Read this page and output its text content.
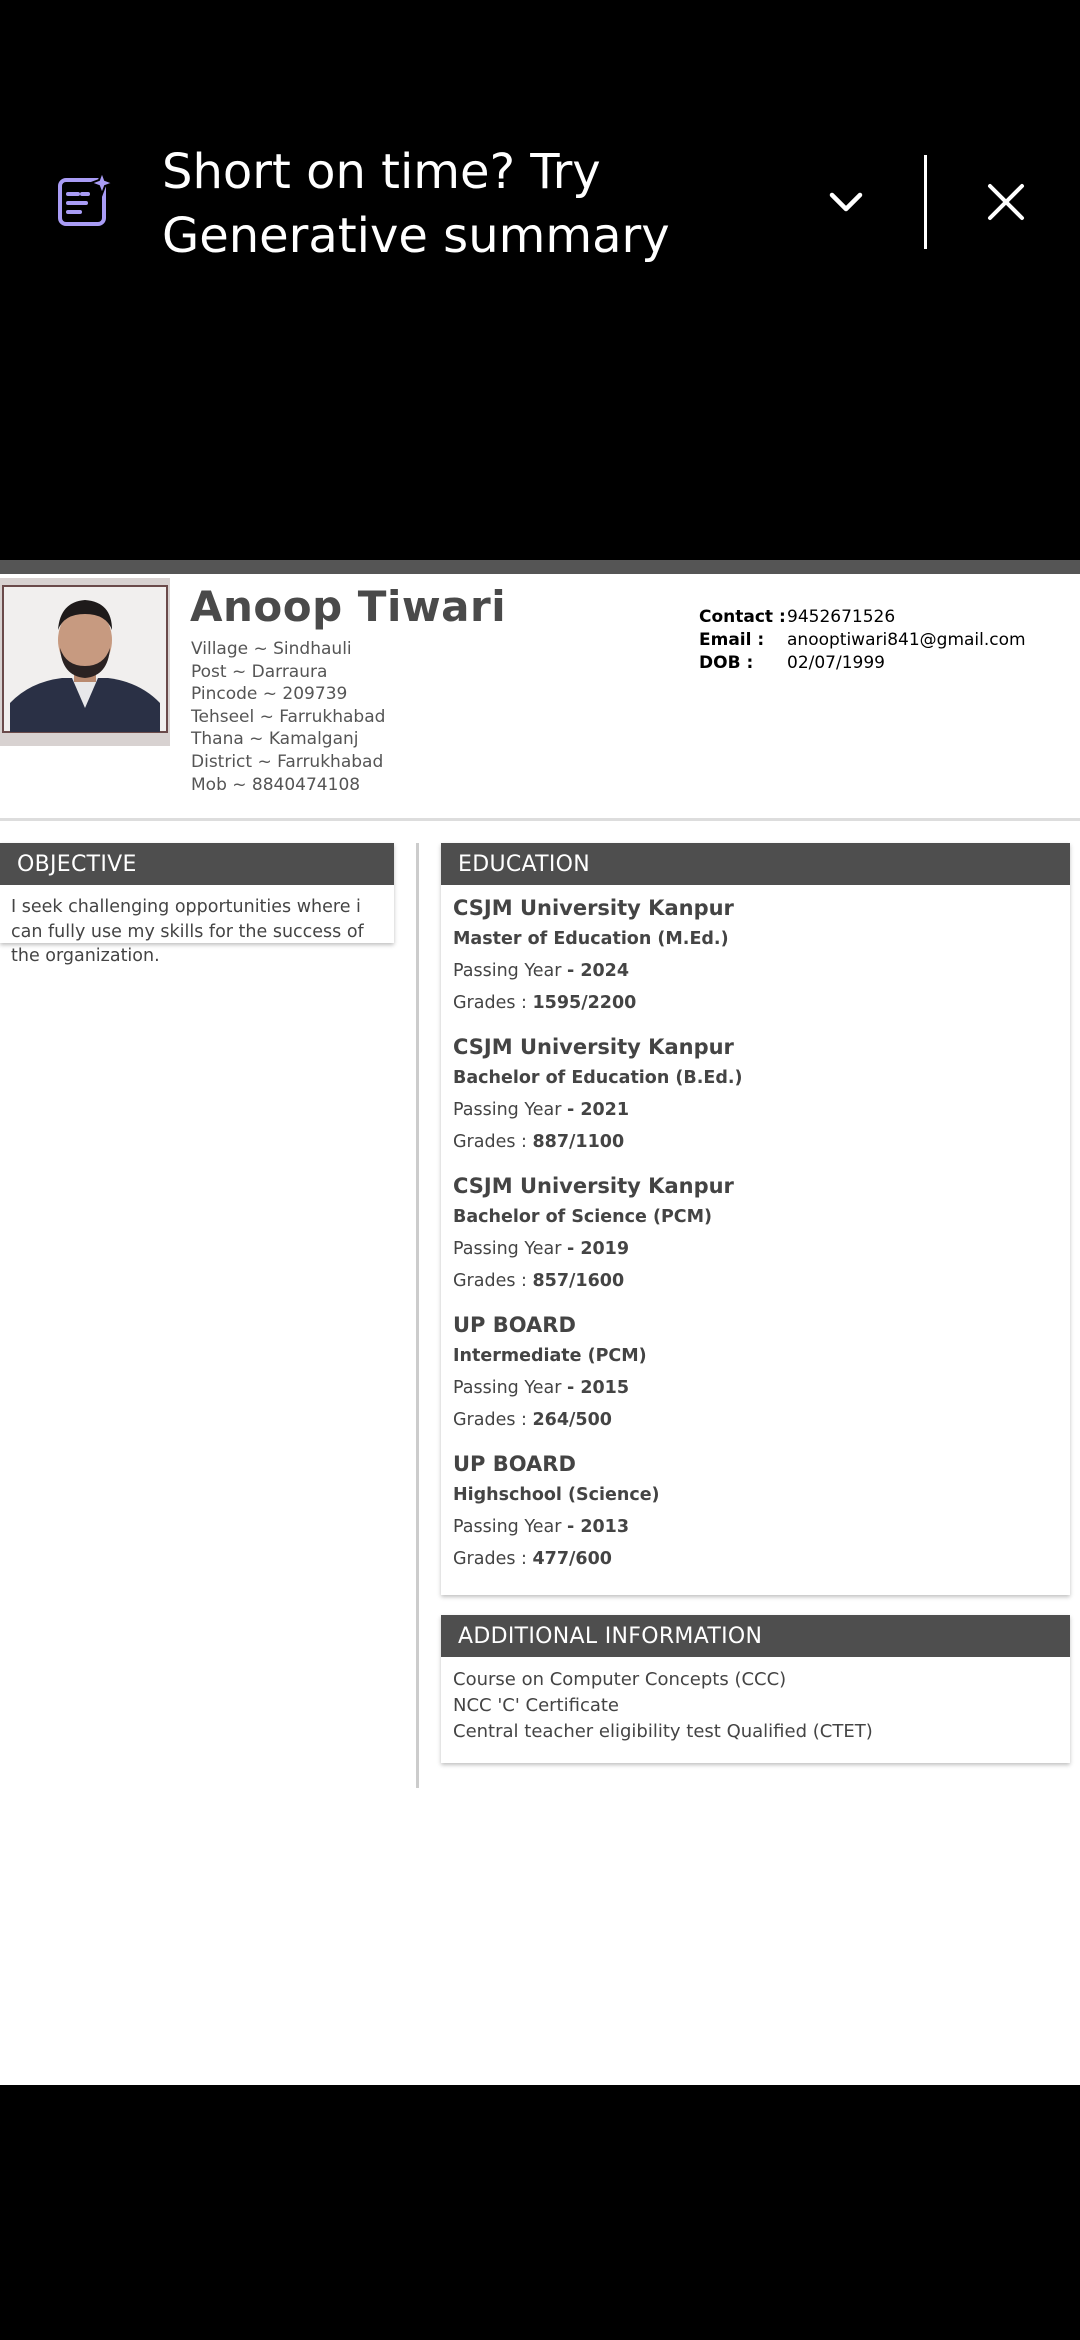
Short on time? Try Generative summary
Anoop Tiwari
Village ~ Sindhauli
Post ~ Darraura
Pincode ~ 209739
Tehseel ~ Farrukhabad
Thana ~ Kamalganj
District ~ Farrukhabad
Mob ~ 8840474108
Contact : 9452671526
Email :	anooptiwari841@gmail.com
DOB :	02/07/1999
OBJECTIVE
I seek challenging opportunities where i can fully use my skills for the success of the organization.
EDUCATION
CSJM University Kanpur
Master of Education (M.Ed.)
Passing Year - 2024
Grades : 1595/2200
CSJM University Kanpur
Bachelor of Education (B.Ed.)
Passing Year - 2021
Grades : 887/1100
CSJM University Kanpur
Bachelor of Science (PCM)
Passing Year - 2019
Grades : 857/1600
UP BOARD
Intermediate (PCM)
Passing Year - 2015
Grades : 264/500
UP BOARD
Highschool (Science)
Passing Year - 2013
Grades : 477/600
ADDITIONAL INFORMATION
Course on Computer Concepts (CCC)
NCC 'C' Certificate
Central teacher eligibility test Qualified (CTET)
